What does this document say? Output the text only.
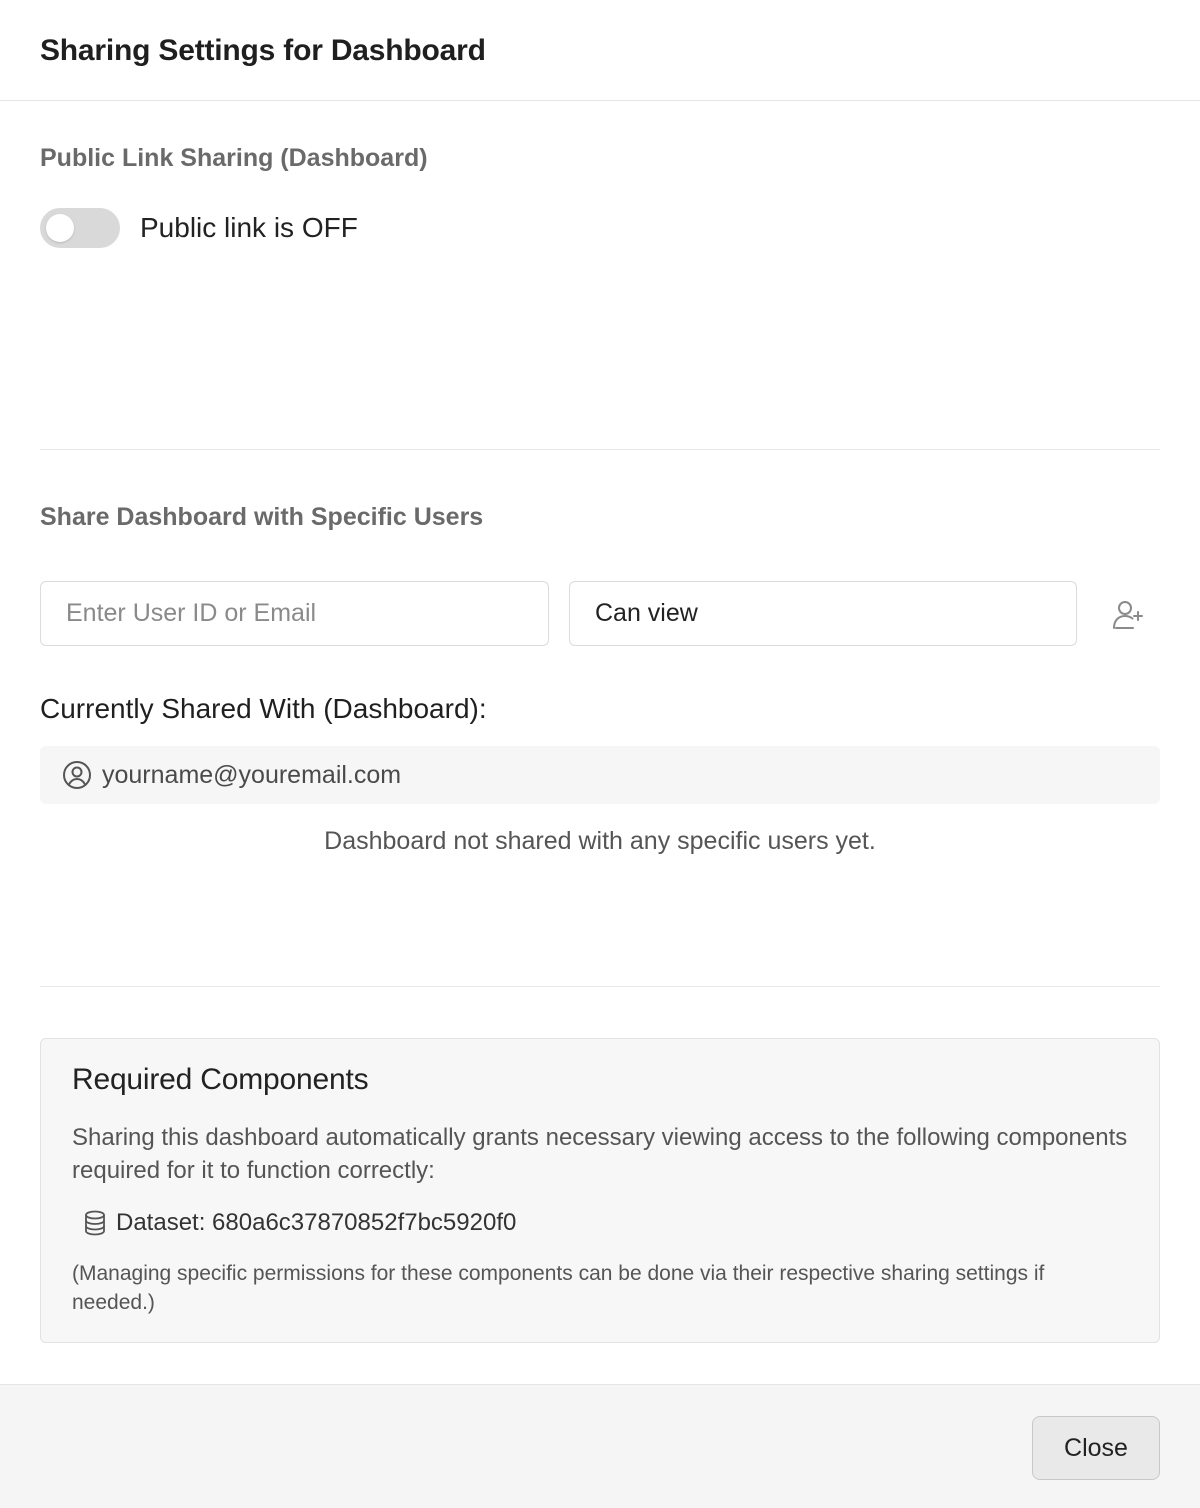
Sharing Settings for Dashboard
Public Link Sharing (Dashboard)
Public link is OFF
Share Dashboard with Specific Users
Enter User ID or Email
Can view
Currently Shared With (Dashboard):
yourname@youremail.com

Dashboard not shared with any specific users yet.

Required Components

Sharing this dashboard automatically grants necessary viewing access to the following components required for it to function correctly:

Dataset: 680a6c37870852f7bc5920f0

(Managing specific permissions for these components can be done via their respective sharing settings if needed.)

Close
